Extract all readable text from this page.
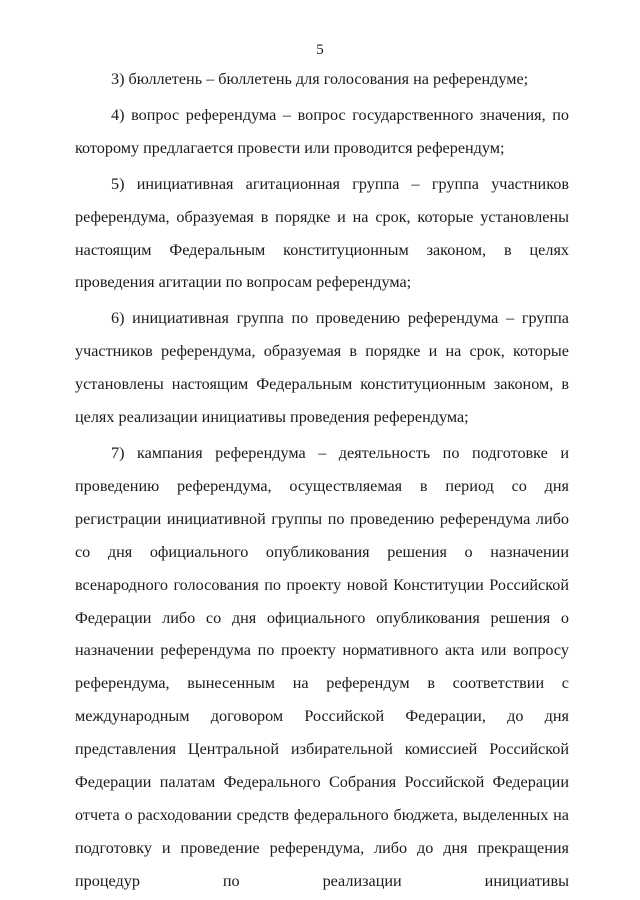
5

3) бюллетень – бюллетень для голосования на референдуме;

4) вопрос референдума – вопрос государственного значения, по которому предлагается провести или проводится референдум;

5) инициативная агитационная группа – группа участников референдума, образуемая в порядке и на срок, которые установлены настоящим Федеральным конституционным законом, в целях проведения агитации по вопросам референдума;

6) инициативная группа по проведению референдума – группа участников референдума, образуемая в порядке и на срок, которые установлены настоящим Федеральным конституционным законом, в целях реализации инициативы проведения референдума;

7) кампания референдума – деятельность по подготовке и проведению референдума, осуществляемая в период со дня регистрации инициативной группы по проведению референдума либо со дня официального опубликования решения о назначении всенародного голосования по проекту новой Конституции Российской Федерации либо со дня официального опубликования решения о назначении референдума по проекту нормативного акта или вопросу референдума, вынесенным на референдум в соответствии с международным договором Российской Федерации, до дня представления Центральной избирательной комиссией Российской Федерации палатам Федерального Собрания Российской Федерации отчета о расходовании средств федерального бюджета, выделенных на подготовку и проведение референдума, либо до дня прекращения процедур по реализации инициативы
